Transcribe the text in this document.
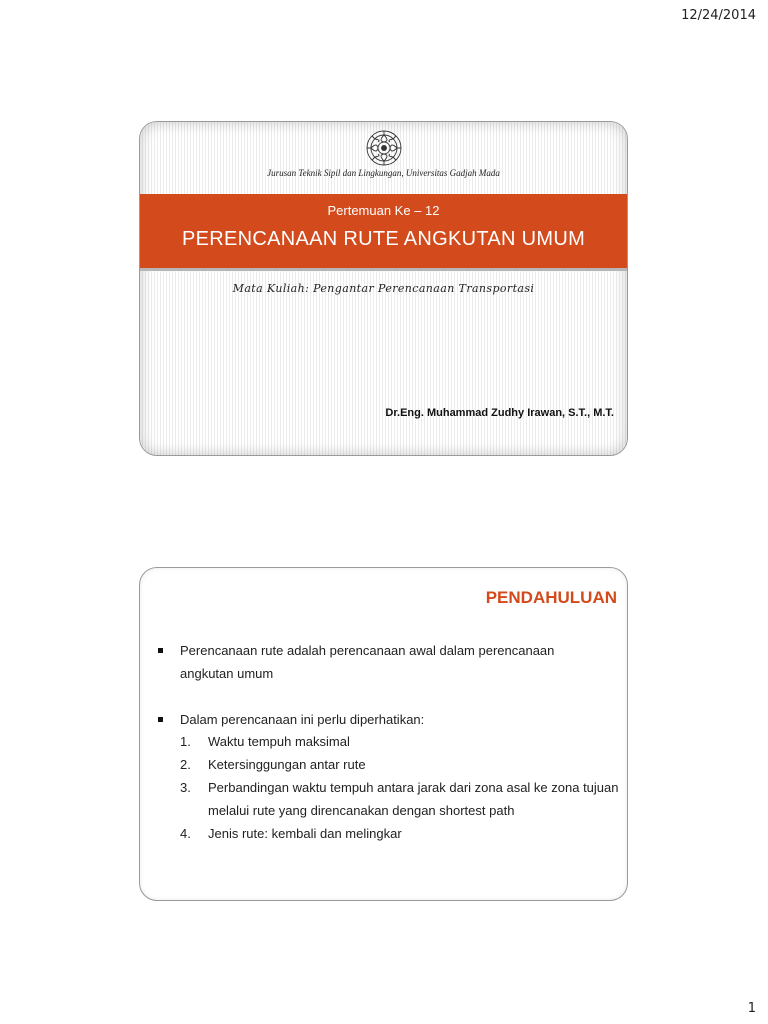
12/24/2014
Jurusan Teknik Sipil dan Lingkungan, Universitas Gadjah Mada
Pertemuan Ke – 12
PERENCANAAN RUTE ANGKUTAN UMUM
Mata Kuliah: Pengantar Perencanaan Transportasi
Dr.Eng. Muhammad Zudhy Irawan, S.T., M.T.
PENDAHULUAN
Perencanaan rute adalah perencanaan awal dalam perencanaan angkutan umum
Dalam perencanaan ini perlu diperhatikan:
1. Waktu tempuh maksimal
2. Ketersinggungan antar rute
3. Perbandingan waktu tempuh antara jarak dari zona asal ke zona tujuan melalui rute yang direncanakan dengan shortest path
4. Jenis rute: kembali dan melingkar
1
